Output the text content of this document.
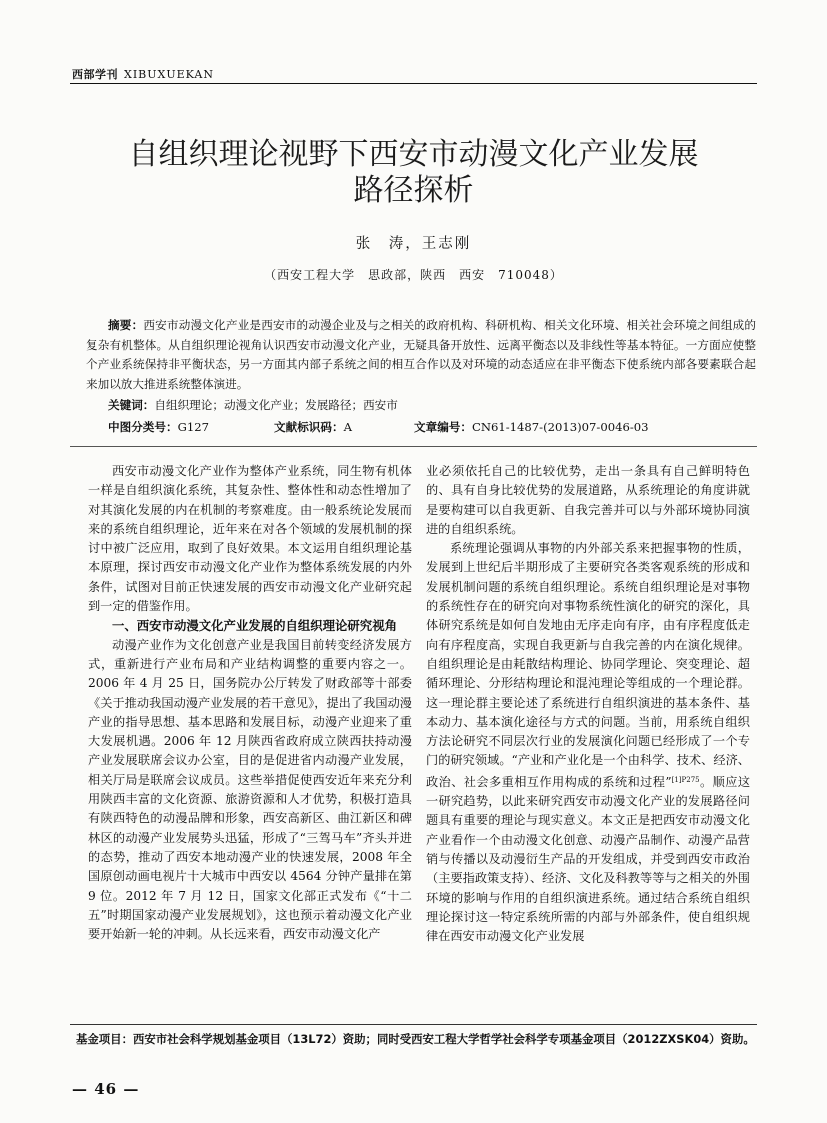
西部学刊 XIBUXUEKAN
自组织理论视野下西安市动漫文化产业发展
路径探析
张　涛，王志刚
（西安工程大学　思政部，陕西　西安　710048）
摘要：西安市动漫文化产业是西安市的动漫企业及与之相关的政府机构、科研机构、相关文化环境、相关社会环境之间组成的复杂有机整体。从自组织理论视角认识西安市动漫文化产业，无疑具备开放性、远离平衡态以及非线性等基本特征。一方面应使整个产业系统保持非平衡状态，另一方面其内部子系统之间的相互合作以及对环境的动态适应在非平衡态下使系统内部各要素联合起来加以放大推进系统整体演进。
关键词：自组织理论；动漫文化产业；发展路径；西安市
中图分类号：G127	文献标识码：A	文章编号：CN61-1487-(2013)07-0046-03

西安市动漫文化产业作为整体产业系统，同生物有机体一样是自组织演化系统，其复杂性、整体性和动态性增加了对其演化发展的内在机制的考察难度。由一般系统论发展而来的系统自组织理论，近年来在对各个领域的发展机制的探讨中被广泛应用，取到了良好效果。本文运用自组织理论基本原理，探讨西安市动漫文化产业作为整体系统发展的内外条件，试图对目前正快速发展的西安市动漫文化产业研究起到一定的借鉴作用。

一、西安市动漫文化产业发展的自组织理论研究视角

动漫产业作为文化创意产业是我国目前转变经济发展方式，重新进行产业布局和产业结构调整的重要内容之一。2006 年 4 月 25 日，国务院办公厅转发了财政部等十部委《关于推动我国动漫产业发展的若干意见》，提出了我国动漫产业的指导思想、基本思路和发展目标，动漫产业迎来了重大发展机遇。2006 年 12 月陕西省政府成立陕西扶持动漫产业发展联席会议办公室，目的是促进省内动漫产业发展，相关厅局是联席会议成员。这些举措促使西安近年来充分利用陕西丰富的文化资源、旅游资源和人才优势，积极打造具有陕西特色的动漫品牌和形象，西安高新区、曲江新区和碑林区的动漫产业发展势头迅猛，形成了“三驾马车”齐头并进的态势，推动了西安本地动漫产业的快速发展，2008 年全国原创动画电视片十大城市中西安以 4564 分钟产量排在第 9 位。2012 年 7 月 12 日，国家文化部正式发布《“十二五”时期国家动漫产业发展规划》，这也预示着动漫文化产业要开始新一轮的冲刺。从长远来看，西安市动漫文化产

业必须依托自己的比较优势，走出一条具有自己鲜明特色的、具有自身比较优势的发展道路，从系统理论的角度讲就是要构建可以自我更新、自我完善并可以与外部环境协同演进的自组织系统。

系统理论强调从事物的内外部关系来把握事物的性质，发展到上世纪后半期形成了主要研究各类客观系统的形成和发展机制问题的系统自组织理论。系统自组织理论是对事物的系统性存在的研究向对事物系统性演化的研究的深化，具体研究系统是如何自发地由无序走向有序，由有序程度低走向有序程度高，实现自我更新与自我完善的内在演化规律。自组织理论是由耗散结构理论、协同学理论、突变理论、超循环理论、分形结构理论和混沌理论等组成的一个理论群。这一理论群主要论述了系统进行自组织演进的基本条件、基本动力、基本演化途径与方式的问题。当前，用系统自组织方法论研究不同层次行业的发展演化问题已经形成了一个专门的研究领域。“产业和产业化是一个由科学、技术、经济、政治、社会多重相互作用构成的系统和过程”$^{[1]P275}$。顺应这一研究趋势，以此来研究西安市动漫文化产业的发展路径问题具有重要的理论与现实意义。本文正是把西安市动漫文化产业看作一个由动漫文化创意、动漫产品制作、动漫产品营销与传播以及动漫衍生产品的开发组成，并受到西安市政治（主要指政策支持）、经济、文化及科教等等与之相关的外围环境的影响与作用的自组织演进系统。通过结合系统自组织理论探讨这一特定系统所需的内部与外部条件，使自组织规律在西安市动漫文化产业发展

基金项目：西安市社会科学规划基金项目（13L72）资助；同时受西安工程大学哲学社会科学专项基金项目（2012ZXSK04）资助。
— 46 —
